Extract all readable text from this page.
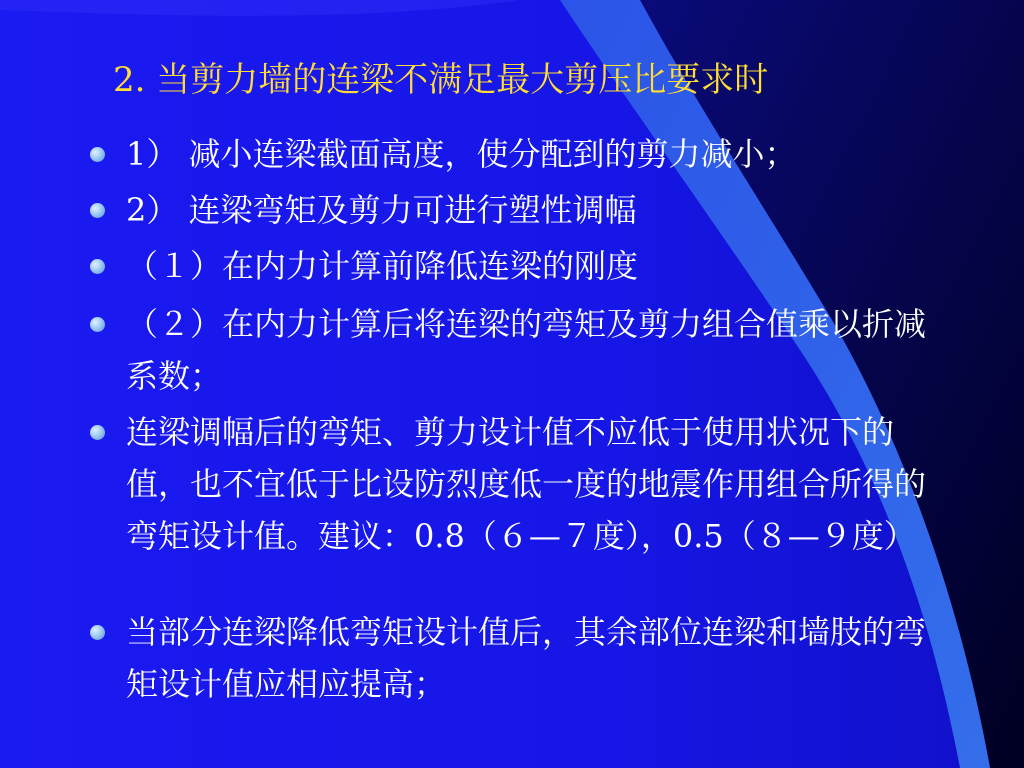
2. 当剪力墙的连梁不满足最大剪压比要求时
1） 减小连梁截面高度，使分配到的剪力减小；
2） 连梁弯矩及剪力可进行塑性调幅
（１）在内力计算前降低连梁的刚度
（２）在内力计算后将连梁的弯矩及剪力组合值乘以折减系数；
连梁调幅后的弯矩、剪力设计值不应低于使用状况下的值，也不宜低于比设防烈度低一度的地震作用组合所得的弯矩设计值。建议：0.8（６—７度），0.5（８—９度）
当部分连梁降低弯矩设计值后，其余部位连梁和墙肢的弯矩设计值应相应提高；
